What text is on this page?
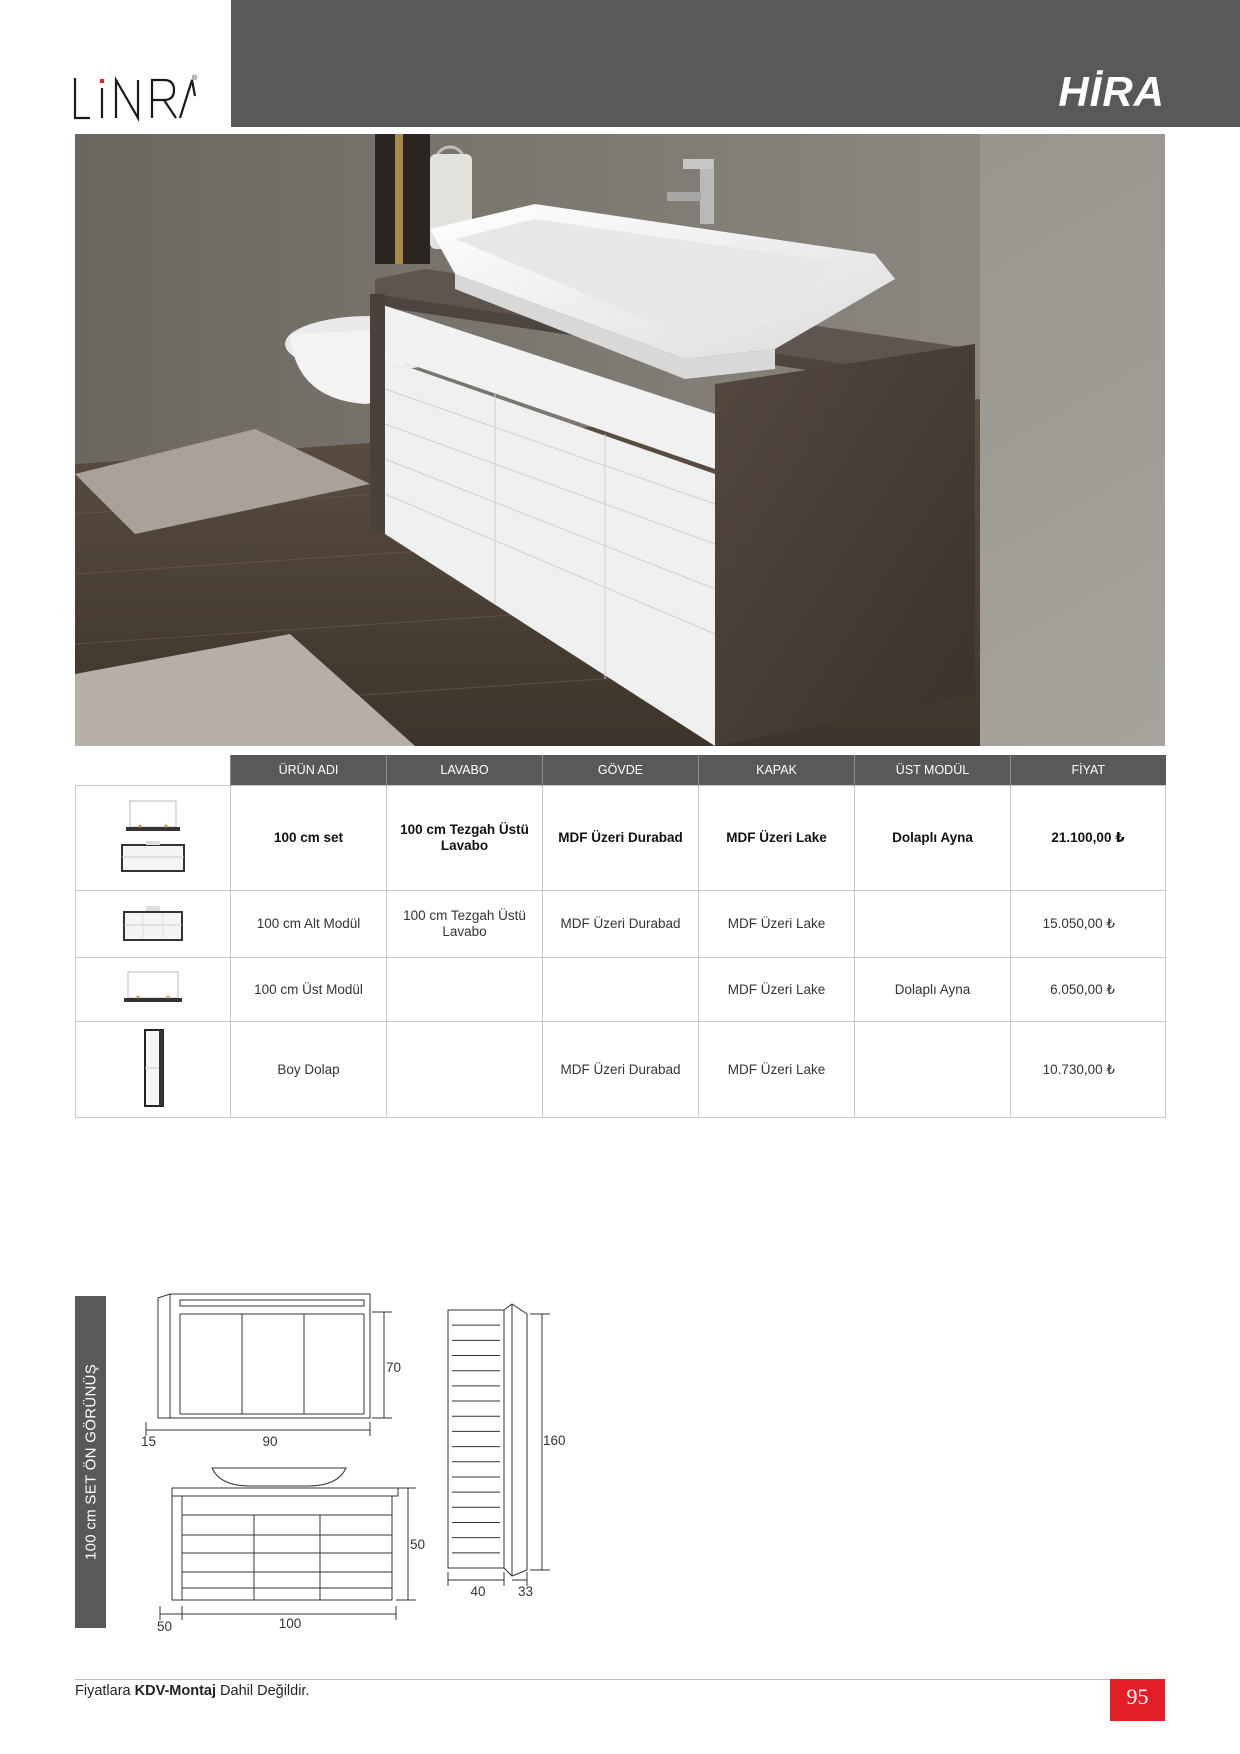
®	HİRA
	ÜRÜN ADI	LAVABO	GÖVDE	KAPAK	ÜST MODÜL	FİYAT
	100 cm set	100 cm Tezgah Üstü Lavabo	MDF Üzeri Durabad	MDF Üzeri Lake	Dolaplı Ayna	21.100,00 ₺
	100 cm Alt Modül	100 cm Tezgah Üstü Lavabo	MDF Üzeri Durabad	MDF Üzeri Lake		15.050,00 ₺
	100 cm Üst Modül			MDF Üzeri Lake	Dolaplı Ayna	6.050,00 ₺
	Boy Dolap		MDF Üzeri Durabad	MDF Üzeri Lake		10.730,00 ₺
100 cm SET ÖN GÖRÜNÜŞ	70
90
15	160
40 33
50
100
50
Fiyatlara KDV-Montaj Dahil Değildir.	95
